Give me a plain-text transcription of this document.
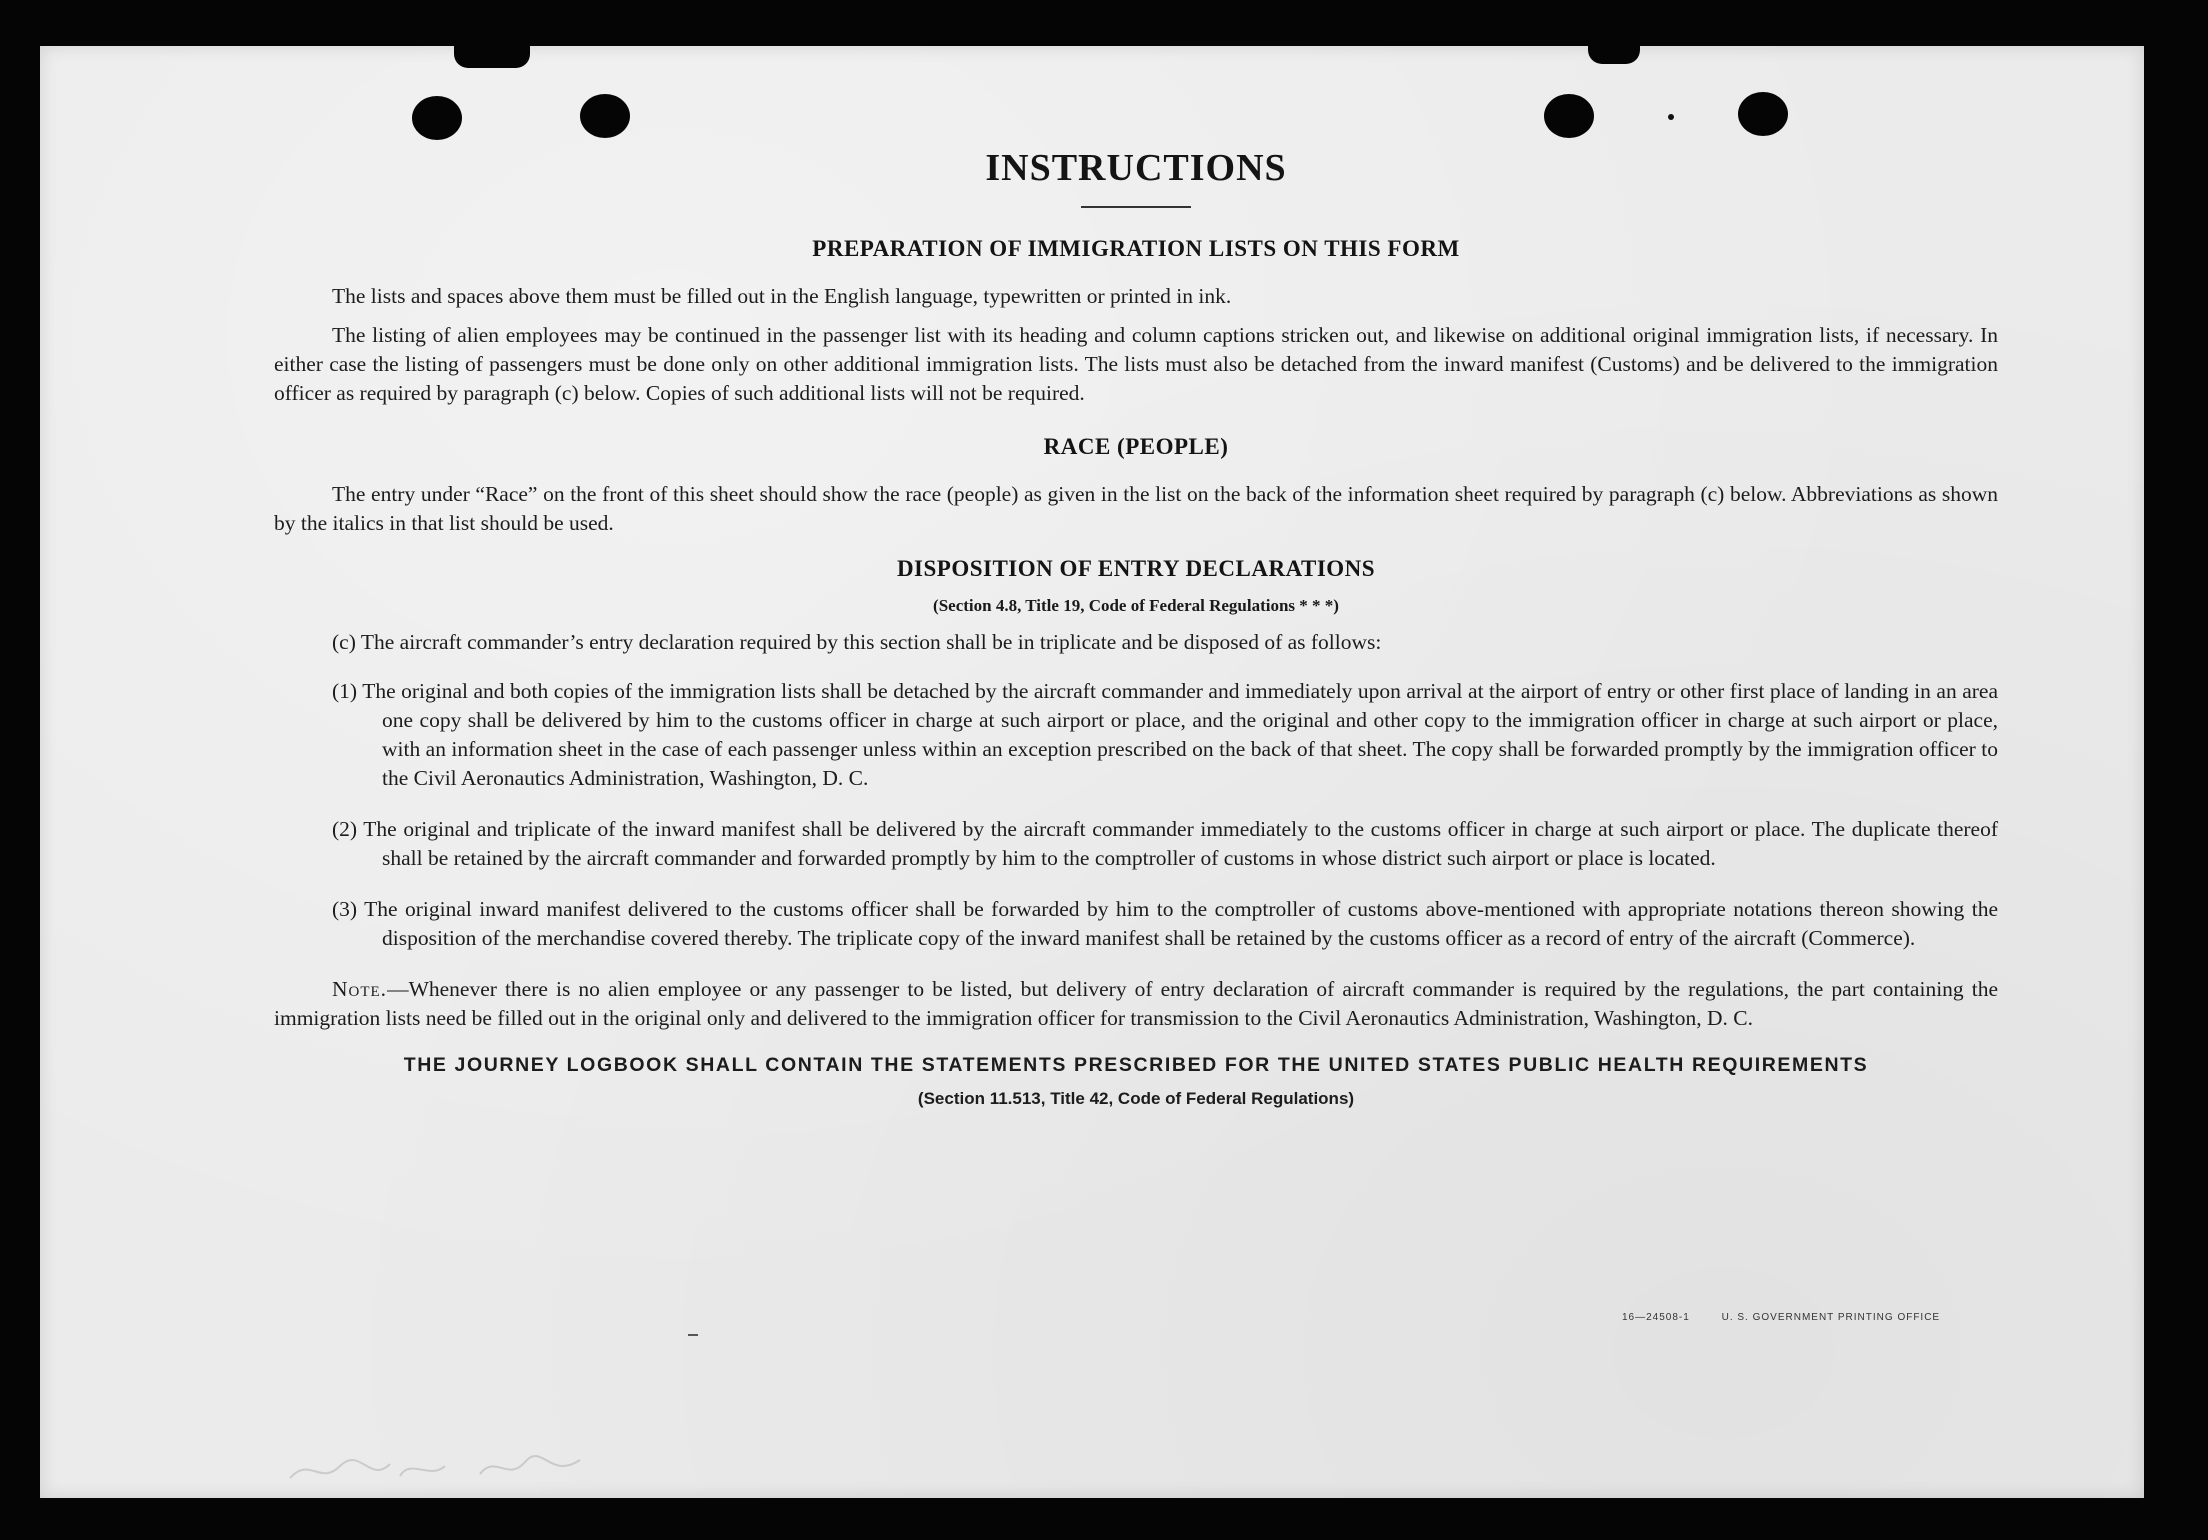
INSTRUCTIONS
PREPARATION OF IMMIGRATION LISTS ON THIS FORM

The lists and spaces above them must be filled out in the English language, typewritten or printed in ink.

The listing of alien employees may be continued in the passenger list with its heading and column captions stricken out, and likewise on additional original immigration lists, if necessary. In either case the listing of passengers must be done only on other additional immigration lists. The lists must also be detached from the inward manifest (Customs) and be delivered to the immigration officer as required by paragraph (c) below. Copies of such additional lists will not be required.

RACE (PEOPLE)

The entry under “Race” on the front of this sheet should show the race (people) as given in the list on the back of the information sheet required by paragraph (c) below. Abbreviations as shown by the italics in that list should be used.

DISPOSITION OF ENTRY DECLARATIONS
(Section 4.8, Title 19, Code of Federal Regulations * * *)

(c) The aircraft commander’s entry declaration required by this section shall be in triplicate and be disposed of as follows:

(1) The original and both copies of the immigration lists shall be detached by the aircraft commander and immediately upon arrival at the airport of entry or other first place of landing in an area one copy shall be delivered by him to the customs officer in charge at such airport or place, and the original and other copy to the immigration officer in charge at such airport or place, with an information sheet in the case of each passenger unless within an exception prescribed on the back of that sheet. The copy shall be forwarded promptly by the immigration officer to the Civil Aeronautics Administration, Washington, D. C.

(2) The original and triplicate of the inward manifest shall be delivered by the aircraft commander immediately to the customs officer in charge at such airport or place. The duplicate thereof shall be retained by the aircraft commander and forwarded promptly by him to the comptroller of customs in whose district such airport or place is located.

(3) The original inward manifest delivered to the customs officer shall be forwarded by him to the comptroller of customs above-mentioned with appropriate notations thereon showing the disposition of the merchandise covered thereby. The triplicate copy of the inward manifest shall be retained by the customs officer as a record of entry of the aircraft (Commerce).

Note.—Whenever there is no alien employee or any passenger to be listed, but delivery of entry declaration of aircraft commander is required by the regulations, the part containing the immigration lists need be filled out in the original only and delivered to the immigration officer for transmission to the Civil Aeronautics Administration, Washington, D. C.

THE JOURNEY LOGBOOK SHALL CONTAIN THE STATEMENTS PRESCRIBED FOR THE UNITED STATES PUBLIC HEALTH REQUIREMENTS

(Section 11.513, Title 42, Code of Federal Regulations)

16—24508-1	U. S. GOVERNMENT PRINTING OFFICE
